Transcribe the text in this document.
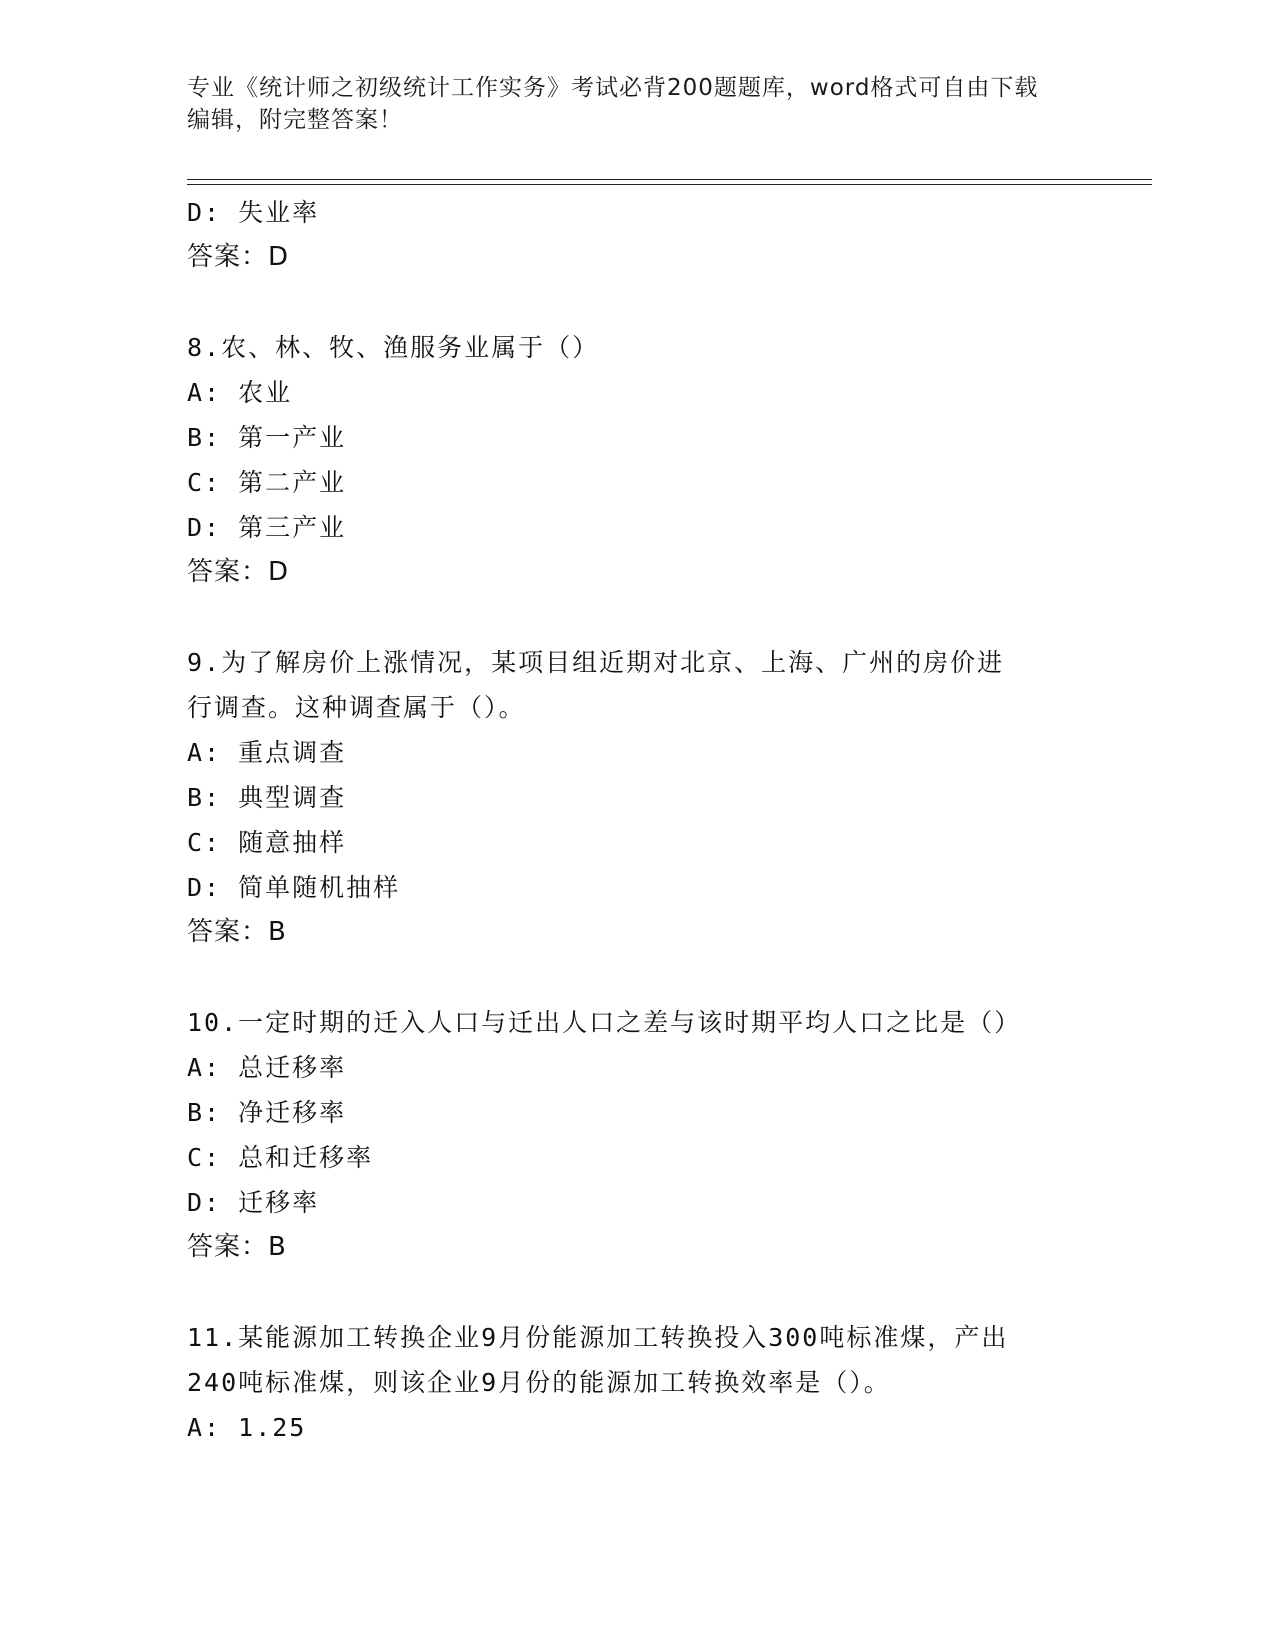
专业《统计师之初级统计工作实务》考试必背200题题库，word格式可自由下载
编辑，附完整答案！
D: 失业率
答案：D
8.农、林、牧、渔服务业属于（）
A: 农业
B: 第一产业
C: 第二产业
D: 第三产业
答案：D
9.为了解房价上涨情况，某项目组近期对北京、上海、广州的房价进
行调查。这种调查属于（）。
A: 重点调查
B: 典型调查
C: 随意抽样
D: 简单随机抽样
答案：B
10.一定时期的迁入人口与迁出人口之差与该时期平均人口之比是（）
A: 总迁移率
B: 净迁移率
C: 总和迁移率
D: 迁移率
答案：B
11.某能源加工转换企业9月份能源加工转换投入300吨标准煤，产出
240吨标准煤，则该企业9月份的能源加工转换效率是（）。
A: 1.25
